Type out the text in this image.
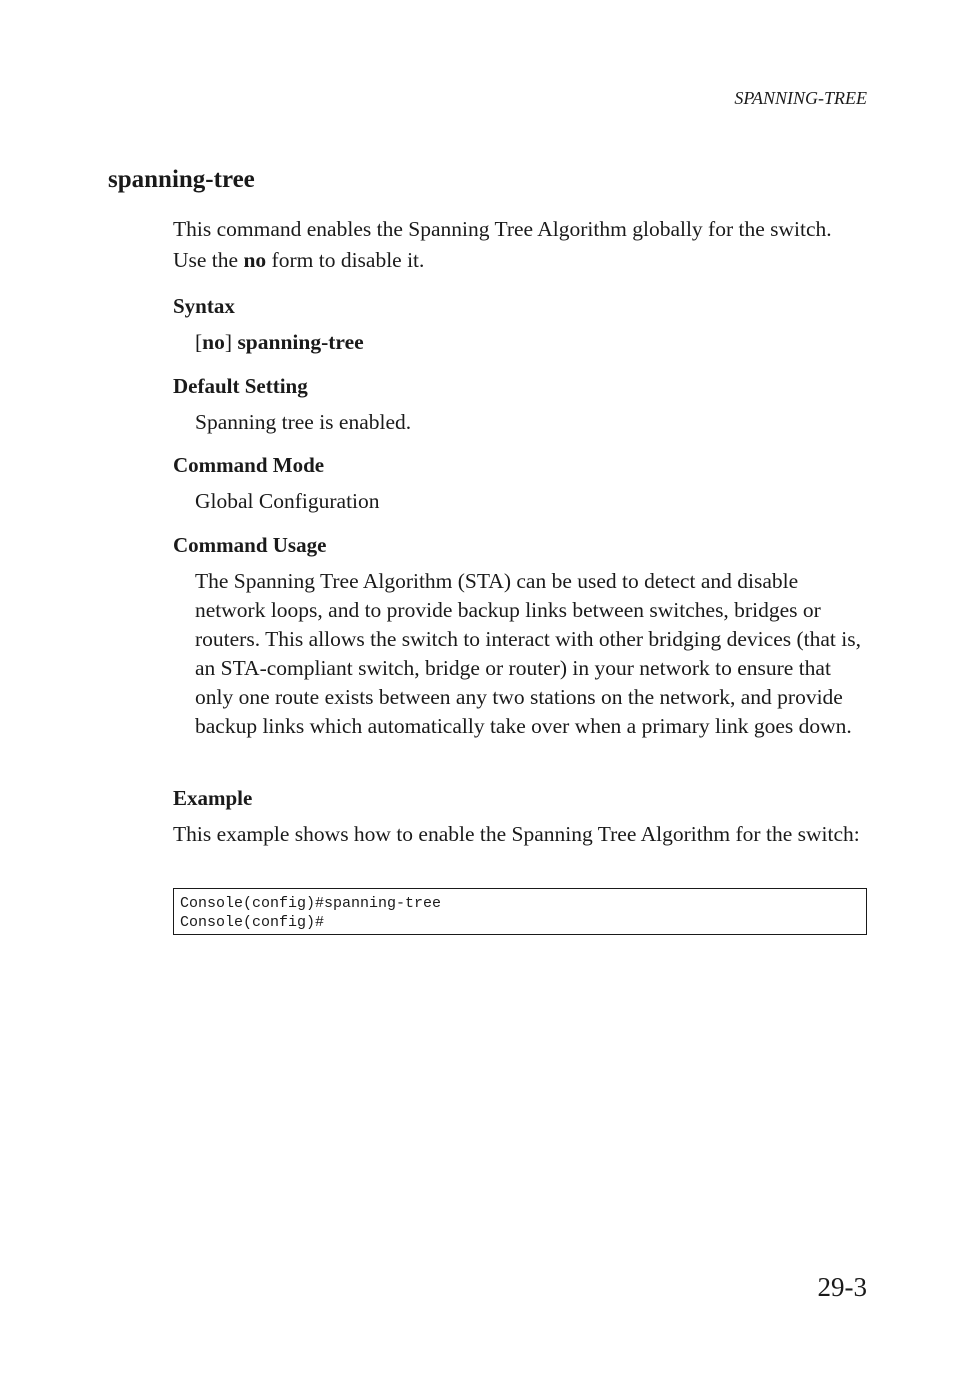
SPANNING-TREE
spanning-tree

This command enables the Spanning Tree Algorithm globally for the switch. Use the no form to disable it.

Syntax

[no] spanning-tree

Default Setting

Spanning tree is enabled.

Command Mode

Global Configuration

Command Usage

The Spanning Tree Algorithm (STA) can be used to detect and disable network loops, and to provide backup links between switches, bridges or routers. This allows the switch to interact with other bridging devices (that is, an STA-compliant switch, bridge or router) in your network to ensure that only one route exists between any two stations on the network, and provide backup links which automatically take over when a primary link goes down.

Example

This example shows how to enable the Spanning Tree Algorithm for the switch:

Console(config)#spanning-tree
Console(config)#
29-3
